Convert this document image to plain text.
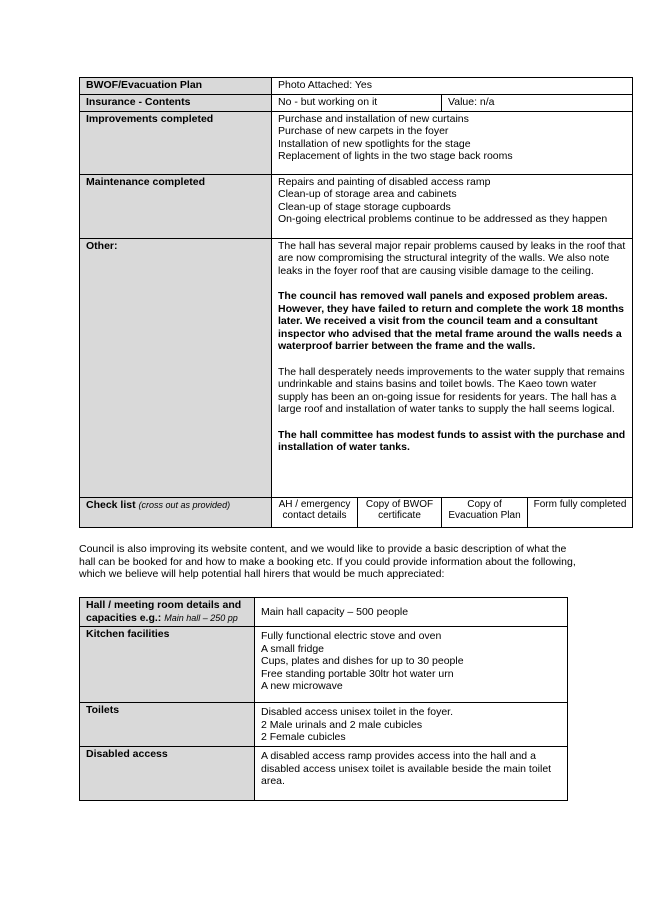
BWOF/Evacuation Plan	Photo Attached: Yes			
Insurance - Contents	No - but working on it		Value: n/a	
Improvements completed	Purchase and installation of new curtains
Purchase of new carpets in the foyer
Installation of new spotlights for the stage
Replacement of lights in the two stage back rooms			

Maintenance completed	Repairs and painting of disabled access ramp
Clean-up of storage area and cabinets
Clean-up of stage storage cupboards
On-going electrical problems continue to be addressed as they happen			

Other:	The hall has several major repair problems caused by leaks in the roof that are now compromising the structural integrity of the walls. We also note leaks in the foyer roof that are causing visible damage to the ceiling.
The council has removed wall panels and exposed problem areas. However, they have failed to return and complete the work 18 months later. We received a visit from the council team and a consultant inspector who advised that the metal frame around the walls needs a waterproof barrier between the frame and the walls.
The hall desperately needs improvements to the water supply that remains undrinkable and stains basins and toilet bowls. The Kaeo town water supply has been an on-going issue for residents for years. The hall has a large roof and installation of water tanks to supply the hall seems logical.
The hall committee has modest funds to assist with the purchase and installation of water tanks.			

Check list (cross out as provided)	AH / emergency contact details	Copy of BWOF certificate	Copy of Evacuation Plan	Form fully completed
Council is also improving its website content, and we would like to provide a basic description of what the hall can be booked for and how to make a booking etc. If you could provide information about the following, which we believe will help potential hall hirers that would be much appreciated:
Hall / meeting room details and capacities e.g.: Main hall – 250 pp	Main hall capacity – 500 people
Kitchen facilities	Fully functional electric stove and oven
A small fridge
Cups, plates and dishes for up to 30 people
Free standing portable 30ltr hot water urn
A new microwave

Toilets	Disabled access unisex toilet in the foyer.
2 Male urinals and 2 male cubicles
2 Female cubicles

Disabled access	A disabled access ramp provides access into the hall and a disabled access unisex toilet is available beside the main toilet area.
